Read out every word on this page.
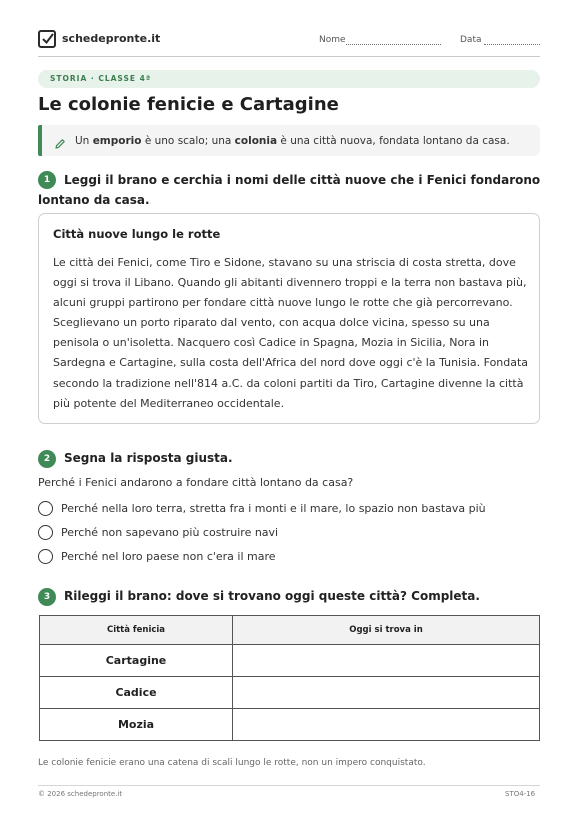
schedepronte.it	Nome	Data
STORIA · CLASSE 4ª
Le colonie fenicie e Cartagine
Un emporio è uno scalo; una colonia è una città nuova, fondata lontano da casa.
1	Leggi il brano e cerchia i nomi delle città nuove che i Fenici fondarono lontano da casa.
Città nuove lungo le rotte
Le città dei Fenici, come Tiro e Sidone, stavano su una striscia di costa stretta, dove oggi si trova il Libano. Quando gli abitanti divennero troppi e la terra non bastava più, alcuni gruppi partirono per fondare città nuove lungo le rotte che già percorrevano. Sceglievano un porto riparato dal vento, con acqua dolce vicina, spesso su una penisola o un'isoletta. Nacquero così Cadice in Spagna, Mozia in Sicilia, Nora in Sardegna e Cartagine, sulla costa dell'Africa del nord dove oggi c'è la Tunisia. Fondata secondo la tradizione nell'814 a.C. da coloni partiti da Tiro, Cartagine divenne la città più potente del Mediterraneo occidentale.
2	Segna la risposta giusta.
Perché i Fenici andarono a fondare città lontano da casa?
Perché nella loro terra, stretta fra i monti e il mare, lo spazio non bastava più
Perché non sapevano più costruire navi
Perché nel loro paese non c'era il mare
3	Rileggi il brano: dove si trovano oggi queste città? Completa.
Città fenicia	Oggi si trova in
Cartagine	
Cadice	
Mozia	
Le colonie fenicie erano una catena di scali lungo le rotte, non un impero conquistato.
© 2026 schedepronte.it	STO4-16
